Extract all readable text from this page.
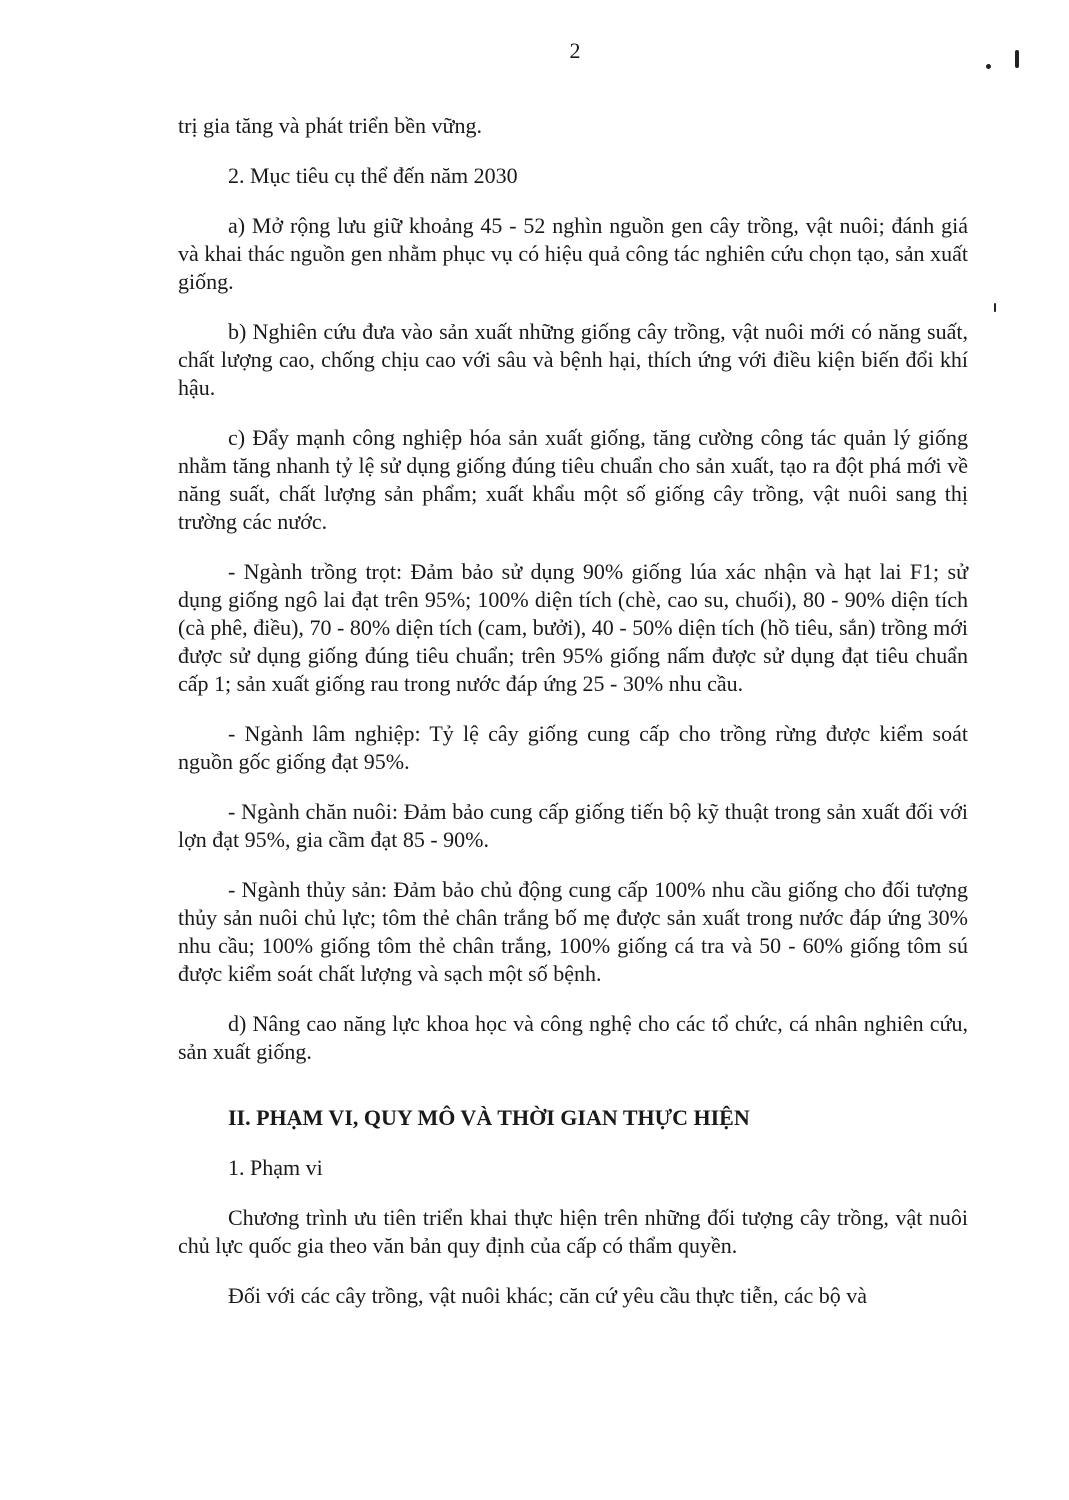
2

trị gia tăng và phát triển bền vững.

2. Mục tiêu cụ thể đến năm 2030

a) Mở rộng lưu giữ khoảng 45 - 52 nghìn nguồn gen cây trồng, vật nuôi; đánh giá và khai thác nguồn gen nhằm phục vụ có hiệu quả công tác nghiên cứu chọn tạo, sản xuất giống.

b) Nghiên cứu đưa vào sản xuất những giống cây trồng, vật nuôi mới có năng suất, chất lượng cao, chống chịu cao với sâu và bệnh hại, thích ứng với điều kiện biến đổi khí hậu.

c) Đẩy mạnh công nghiệp hóa sản xuất giống, tăng cường công tác quản lý giống nhằm tăng nhanh tỷ lệ sử dụng giống đúng tiêu chuẩn cho sản xuất, tạo ra đột phá mới về năng suất, chất lượng sản phẩm; xuất khẩu một số giống cây trồng, vật nuôi sang thị trường các nước.

- Ngành trồng trọt: Đảm bảo sử dụng 90% giống lúa xác nhận và hạt lai F1; sử dụng giống ngô lai đạt trên 95%; 100% diện tích (chè, cao su, chuối), 80 - 90% diện tích (cà phê, điều), 70 - 80% diện tích (cam, bưởi), 40 - 50% diện tích (hồ tiêu, sắn) trồng mới được sử dụng giống đúng tiêu chuẩn; trên 95% giống nấm được sử dụng đạt tiêu chuẩn cấp 1; sản xuất giống rau trong nước đáp ứng 25 - 30% nhu cầu.

- Ngành lâm nghiệp: Tỷ lệ cây giống cung cấp cho trồng rừng được kiểm soát nguồn gốc giống đạt 95%.

- Ngành chăn nuôi: Đảm bảo cung cấp giống tiến bộ kỹ thuật trong sản xuất đối với lợn đạt 95%, gia cầm đạt 85 - 90%.

- Ngành thủy sản: Đảm bảo chủ động cung cấp 100% nhu cầu giống cho đối tượng thủy sản nuôi chủ lực; tôm thẻ chân trắng bố mẹ được sản xuất trong nước đáp ứng 30% nhu cầu; 100% giống tôm thẻ chân trắng, 100% giống cá tra và 50 - 60% giống tôm sú được kiểm soát chất lượng và sạch một số bệnh.

d) Nâng cao năng lực khoa học và công nghệ cho các tổ chức, cá nhân nghiên cứu, sản xuất giống.

II. PHẠM VI, QUY MÔ VÀ THỜI GIAN THỰC HIỆN

1. Phạm vi

Chương trình ưu tiên triển khai thực hiện trên những đối tượng cây trồng, vật nuôi chủ lực quốc gia theo văn bản quy định của cấp có thẩm quyền.

Đối với các cây trồng, vật nuôi khác; căn cứ yêu cầu thực tiễn, các bộ và
